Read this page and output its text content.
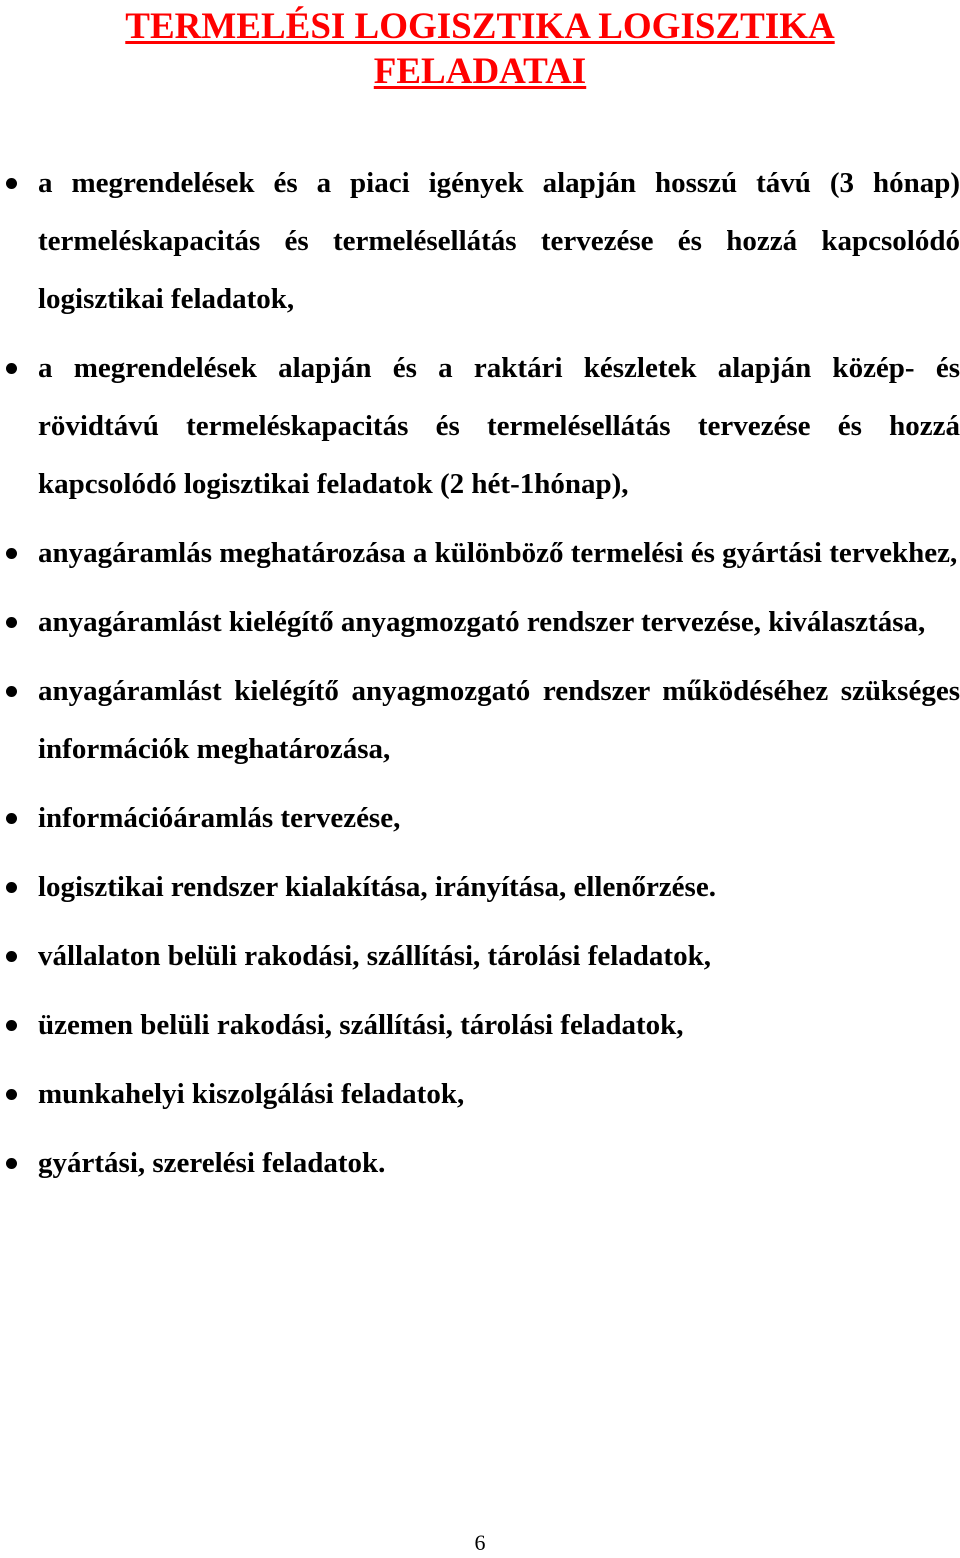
TERMELÉSI LOGISZTIKA LOGISZTIKA
FELADATAI
a megrendelések és a piaci igények alapján hosszú távú (3 hónap) termeléskapacitás és termelésellátás tervezése és hozzá kapcsolódó logisztikai feladatok,
a megrendelések alapján és a raktári készletek alapján közép- és rövidtávú termeléskapacitás és termelésellátás tervezése és hozzá kapcsolódó logisztikai feladatok (2 hét-1hónap),
anyagáramlás meghatározása a különböző termelési és gyártási tervekhez,
anyagáramlást kielégítő anyagmozgató rendszer tervezése, kiválasztása,
anyagáramlást kielégítő anyagmozgató rendszer működéséhez szükséges információk meghatározása,
információáramlás tervezése,
logisztikai rendszer kialakítása, irányítása, ellenőrzése.
vállalaton belüli rakodási, szállítási, tárolási feladatok,
üzemen belüli rakodási, szállítási, tárolási feladatok,
munkahelyi kiszolgálási feladatok,
gyártási, szerelési feladatok.
6
